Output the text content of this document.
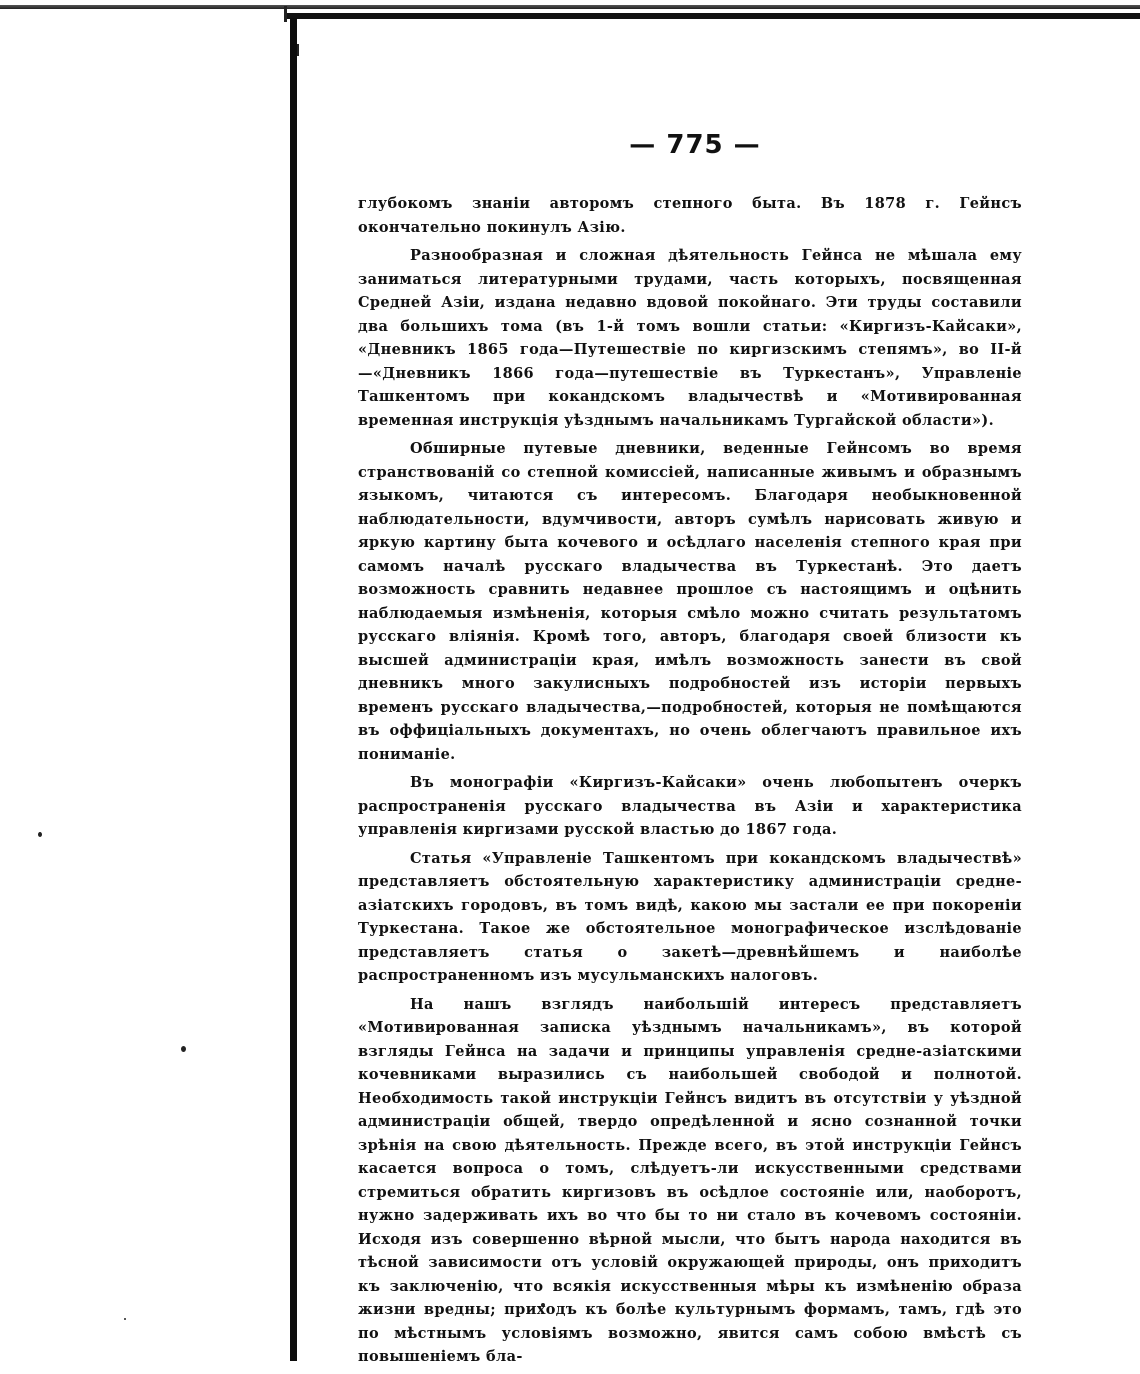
— 775 —

глубокомъ знаніи авторомъ степного быта. Въ 1878 г. Гейнсъ окончательно покинулъ Азію.

Разнообразная и сложная дѣятельность Гейнса не мѣшала ему заниматься литературными трудами, часть которыхъ, посвященная Средней Азіи, издана недавно вдовой покойнаго. Эти труды составили два большихъ тома (въ 1-й томъ вошли статьи: «Киргизъ-Кайсаки», «Дневникъ 1865 года—Путешествіе по киргизскимъ степямъ», во II-й—«Дневникъ 1866 года—путешествіе въ Туркестанъ», Управленіе Ташкентомъ при кокандскомъ владычествѣ и «Мотивированная временная инструкція уѣзднымъ начальникамъ Тургайской области»).

Обширные путевые дневники, веденные Гейнсомъ во время странствованій со степной комиссіей, написанные живымъ и образнымъ языкомъ, читаются съ интересомъ. Благодаря необыкновенной наблюдательности, вдумчивости, авторъ сумѣлъ нарисовать живую и яркую картину быта кочевого и осѣдлаго населенія степного края при самомъ началѣ русскаго владычества въ Туркестанѣ. Это даетъ возможность сравнить недавнее прошлое съ настоящимъ и оцѣнить наблюдаемыя измѣненія, которыя смѣло можно считать результатомъ русскаго вліянія. Кромѣ того, авторъ, благодаря своей близости къ высшей администраціи края, имѣлъ возможность занести въ свой дневникъ много закулисныхъ подробностей изъ исторіи первыхъ временъ русскаго владычества,—подробностей, которыя не помѣщаются въ оффиціальныхъ документахъ, но очень облегчаютъ правильное ихъ пониманіе.

Въ монографіи «Киргизъ-Кайсаки» очень любопытенъ очеркъ распространенія русскаго владычества въ Азіи и характеристика управленія киргизами русской властью до 1867 года.

Статья «Управленіе Ташкентомъ при кокандскомъ владычествѣ» представляетъ обстоятельную характеристику администраціи средне-азіатскихъ городовъ, въ томъ видѣ, какою мы застали ее при покореніи Туркестана. Такое же обстоятельное монографическое изслѣдованіе представляетъ статья о закетѣ—древнѣйшемъ и наиболѣе распространенномъ изъ мусульманскихъ налоговъ.

На нашъ взглядъ наибольшій интересъ представляетъ «Мотивированная записка уѣзднымъ начальникамъ», въ которой взгляды Гейнса на задачи и принципы управленія средне-азіатскими кочевниками выразились съ наибольшей свободой и полнотой. Необходимость такой инструкціи Гейнсъ видитъ въ отсутствіи у уѣздной администраціи общей, твердо опредѣленной и ясно сознанной точки зрѣнія на свою дѣятельность. Прежде всего, въ этой инструкціи Гейнсъ касается вопроса о томъ, слѣдуетъ-ли искусственными средствами стремиться обратить киргизовъ въ осѣдлое состояніе или, наоборотъ, нужно задерживать ихъ во что бы то ни стало въ кочевомъ состояніи. Исходя изъ совершенно вѣрной мысли, что бытъ народа находится въ тѣсной зависимости отъ условій окружающей природы, онъ приходитъ къ заключенію, что всякія искусственныя мѣры къ измѣненію образа жизни вредны; приходъ къ болѣе культурнымъ формамъ, тамъ, гдѣ это по мѣстнымъ условіямъ возможно, явится самъ собою вмѣстѣ съ повышеніемъ бла-
